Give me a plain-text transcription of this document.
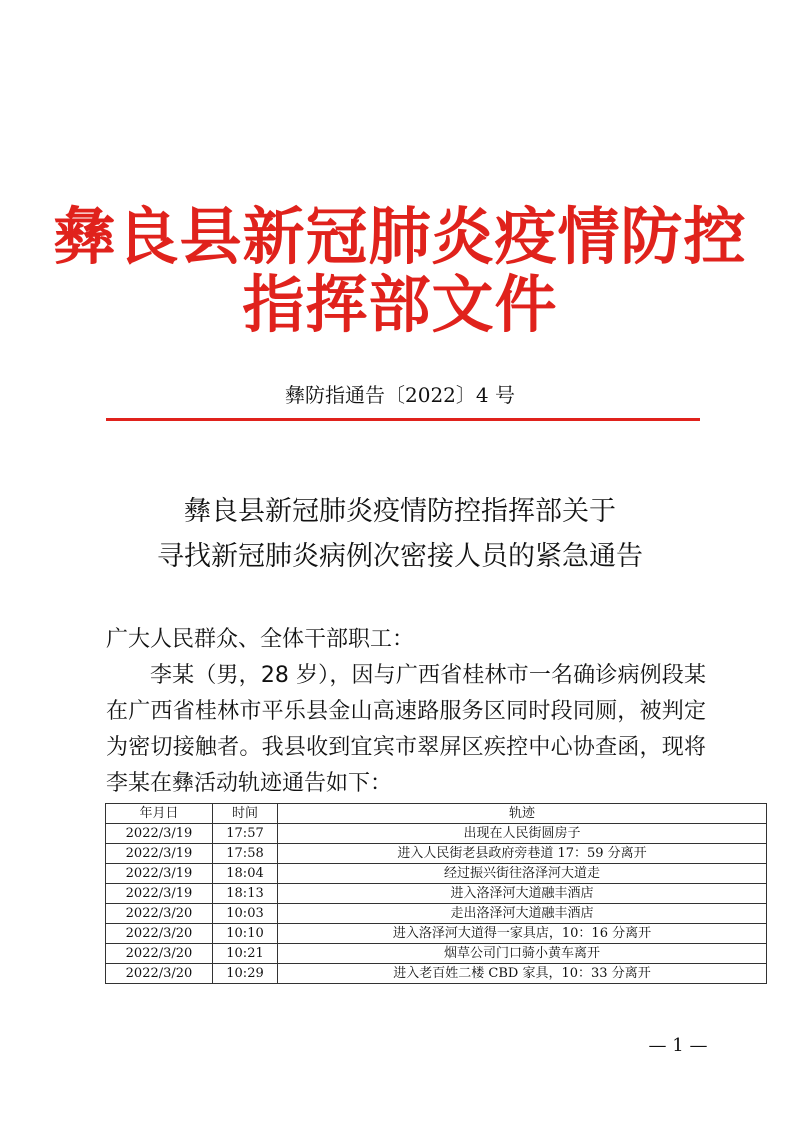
彝良县新冠肺炎疫情防控
指挥部文件
彝防指通告〔2022〕4 号
彝良县新冠肺炎疫情防控指挥部关于
寻找新冠肺炎病例次密接人员的紧急通告
广大人民群众、全体干部职工：
李某（男，28 岁），因与广西省桂林市一名确诊病例段某在广西省桂林市平乐县金山高速路服务区同时段同厕，被判定为密切接触者。我县收到宜宾市翠屏区疾控中心协查函，现将李某在彝活动轨迹通告如下：
年月日	时间	轨迹
2022/3/19	17:57	出现在人民街圆房子
2022/3/19	17:58	进入人民街老县政府旁巷道 17：59 分离开
2022/3/19	18:04	经过振兴街往洛泽河大道走
2022/3/19	18:13	进入洛泽河大道融丰酒店
2022/3/20	10:03	走出洛泽河大道融丰酒店
2022/3/20	10:10	进入洛泽河大道得一家具店，10：16 分离开
2022/3/20	10:21	烟草公司门口骑小黄车离开
2022/3/20	10:29	进入老百姓二楼 CBD 家具，10：33 分离开
— 1 —
